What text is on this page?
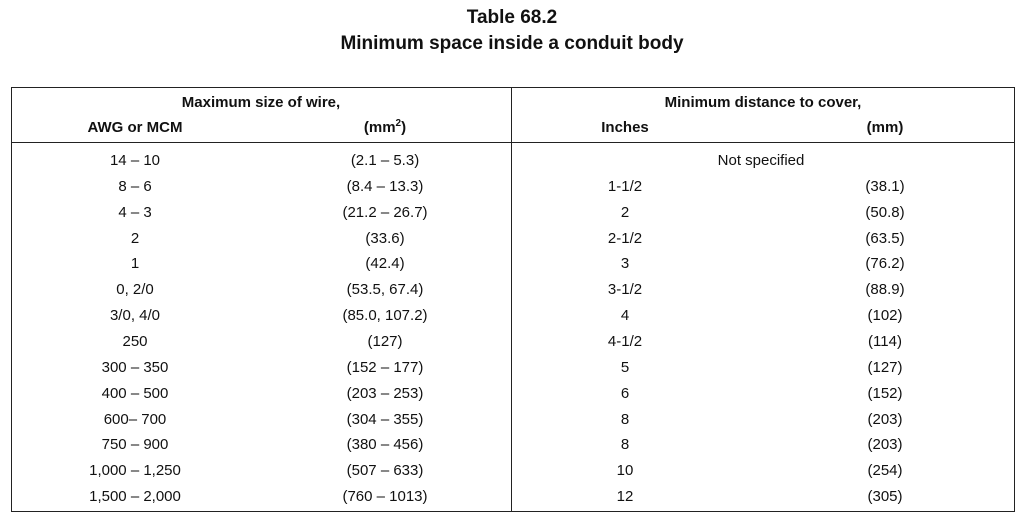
Table 68.2
Minimum space inside a conduit body
Maximum size of wire,
AWG or MCM	$(mm^2)$
Minimum distance to cover,
Inches	(mm)
14 – 10	(2.1 – 5.3)	Not specified
8 – 6	(8.4 – 13.3)	1-1/2	(38.1)
4 – 3	(21.2 – 26.7)	2	(50.8)
2	(33.6)	2-1/2	(63.5)
1	(42.4)	3	(76.2)
0, 2/0	(53.5, 67.4)	3-1/2	(88.9)
3/0, 4/0	(85.0, 107.2)	4	(102)
250	(127)	4-1/2	(114)
300 – 350	(152 – 177)	5	(127)
400 – 500	(203 – 253)	6	(152)
600– 700	(304 – 355)	8	(203)
750 – 900	(380 – 456)	8	(203)
1,000 – 1,250	(507 – 633)	10	(254)
1,500 – 2,000	(760 – 1013)	12	(305)
